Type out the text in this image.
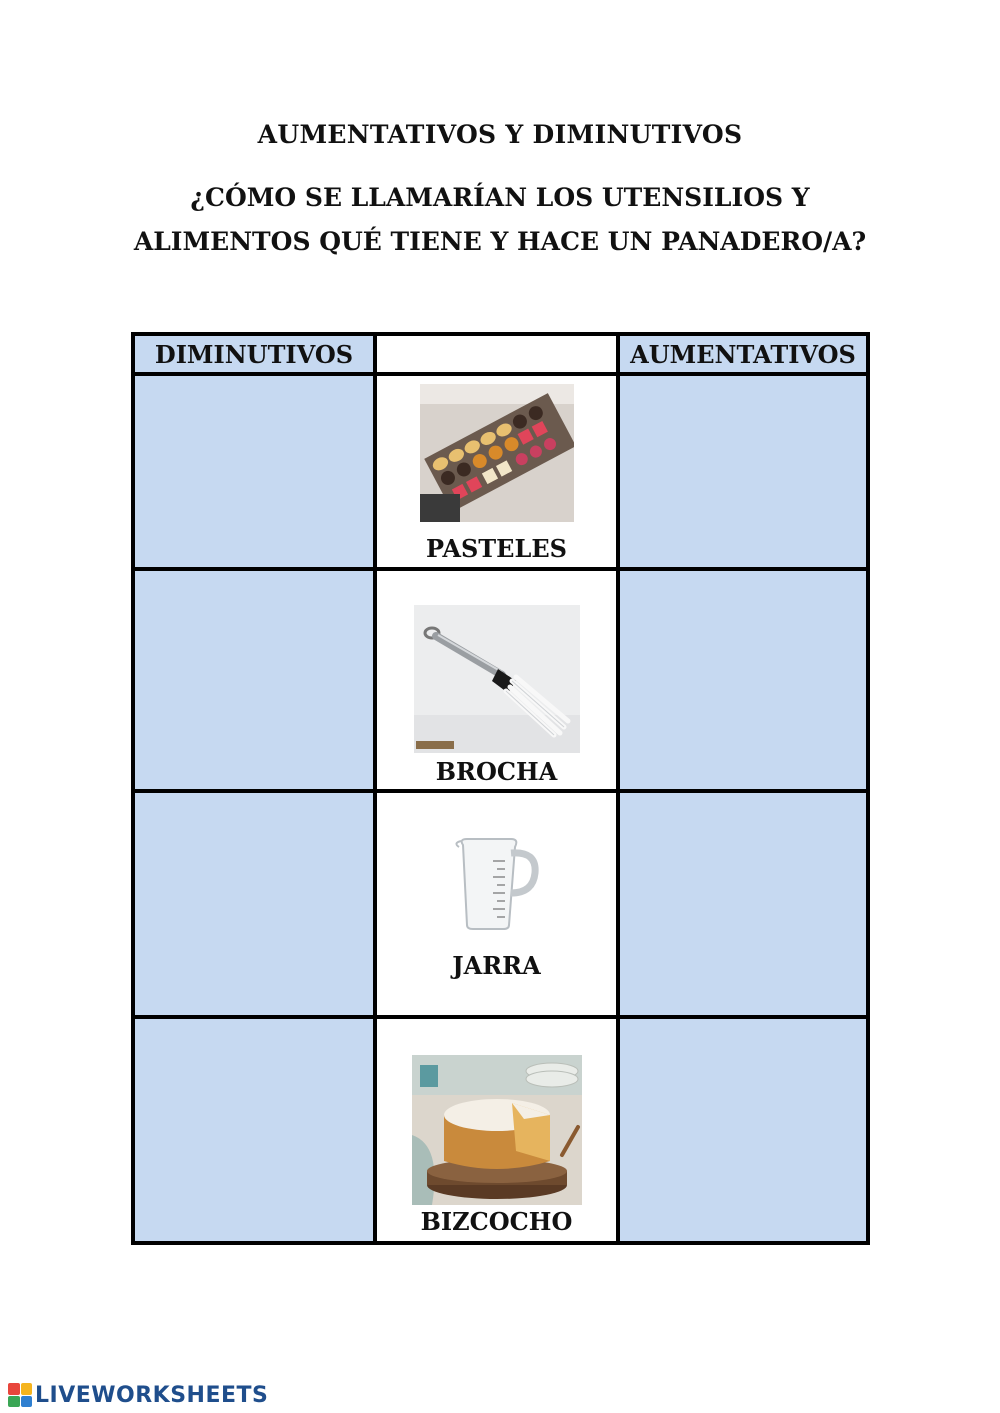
AUMENTATIVOS Y DIMINUTIVOS
¿CÓMO SE LLAMARÍAN LOS UTENSILIOS Y
ALIMENTOS QUÉ TIENE Y HACE UN PANADERO/A?
DIMINUTIVOS		AUMENTATIVOS

	PASTELES	

	BROCHA	

	JARRA	

	BIZCOCHO	

LIVEWORKSHEETS
